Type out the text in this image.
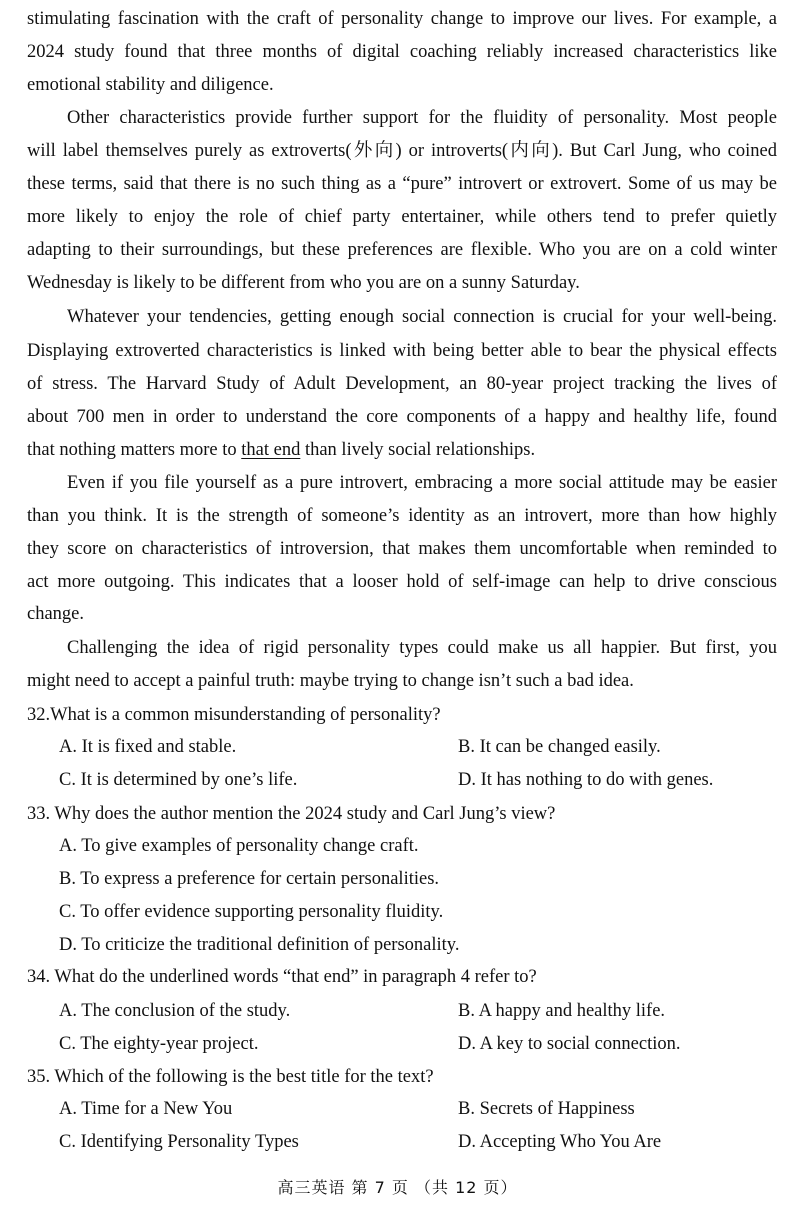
stimulating fascination with the craft of personality change to improve our lives. For example, a
2024 study found that three months of digital coaching reliably increased characteristics like
emotional stability and diligence.
Other characteristics provide further support for the fluidity of personality. Most people
will label themselves purely as extroverts(外向) or introverts(内向). But Carl Jung, who coined
these terms, said that there is no such thing as a “pure” introvert or extrovert. Some of us may be
more likely to enjoy the role of chief party entertainer, while others tend to prefer quietly
adapting to their surroundings, but these preferences are flexible. Who you are on a cold winter
Wednesday is likely to be different from who you are on a sunny Saturday.
Whatever your tendencies, getting enough social connection is crucial for your well-being.
Displaying extroverted characteristics is linked with being better able to bear the physical effects
of stress. The Harvard Study of Adult Development, an 80-year project tracking the lives of
about 700 men in order to understand the core components of a happy and healthy life, found
that nothing matters more to that end than lively social relationships.
Even if you file yourself as a pure introvert, embracing a more social attitude may be easier
than you think. It is the strength of someone’s identity as an introvert, more than how highly
they score on characteristics of introversion, that makes them uncomfortable when reminded to
act more outgoing. This indicates that a looser hold of self-image can help to drive conscious
change.
Challenging the idea of rigid personality types could make us all happier. But first, you
might need to accept a painful truth: maybe trying to change isn’t such a bad idea.
32.What is a common misunderstanding of personality?
A. It is fixed and stable.	B. It can be changed easily.
C. It is determined by one’s life.	D. It has nothing to do with genes.
33. Why does the author mention the 2024 study and Carl Jung’s view?
A. To give examples of personality change craft.
B. To express a preference for certain personalities.
C. To offer evidence supporting personality fluidity.
D. To criticize the traditional definition of personality.
34. What do the underlined words “that end” in paragraph 4 refer to?
A. The conclusion of the study.	B. A happy and healthy life.
C. The eighty-year project.	D. A key to social connection.
35. Which of the following is the best title for the text?
A. Time for a New You	B. Secrets of Happiness
C. Identifying Personality Types	D. Accepting Who You Are
高三英语 第 7 页 （共 12 页）
